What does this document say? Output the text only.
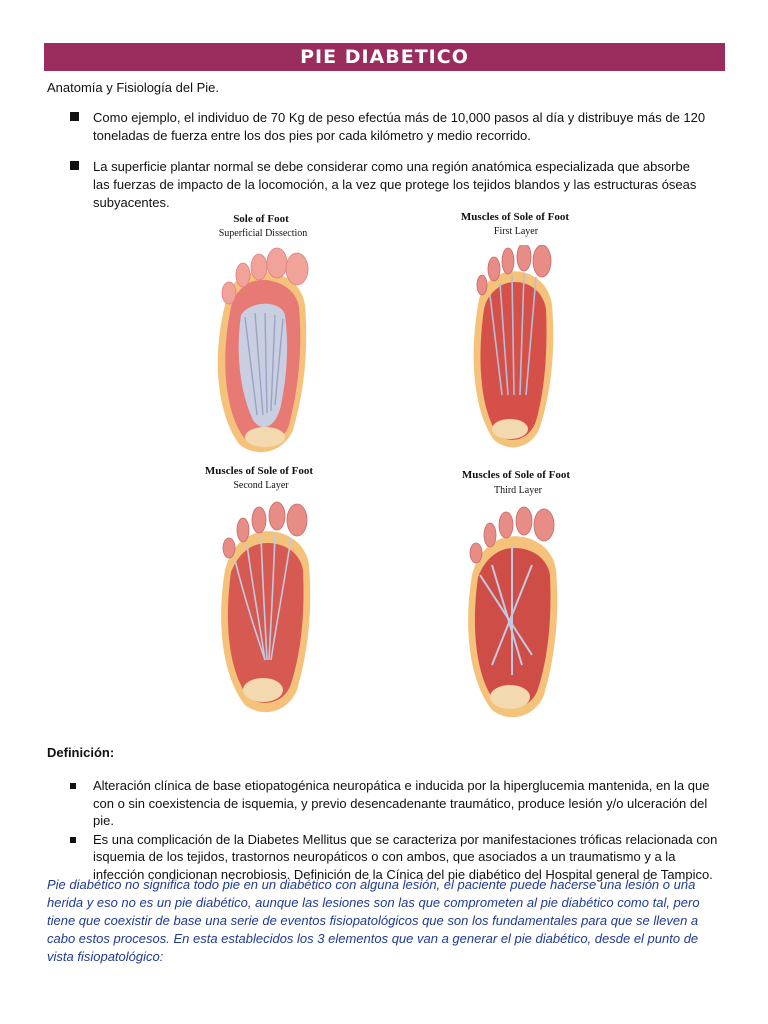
PIE DIABETICO
Anatomía y Fisiología del Pie.
Como ejemplo, el individuo de 70 Kg de peso efectúa más de 10,000 pasos al día y distribuye más de 120 toneladas de fuerza entre los dos pies por cada kilómetro y medio recorrido.
La superficie plantar normal se debe considerar como una región anatómica especializada que absorbe las fuerzas de impacto de la locomoción, a la vez que protege los tejidos blandos y las estructuras óseas subyacentes.
Sole of Foot
Superficial Dissection
Muscles of Sole of Foot
First Layer
Muscles of Sole of Foot
Second Layer
Muscles of Sole of Foot
Third Layer
Definición:
Alteración clínica de base etiopatogénica neuropática e inducida por la hiperglucemia mantenida, en la que con o sin coexistencia de isquemia, y previo desencadenante traumático, produce lesión y/o ulceración del pie.
Es una complicación de la Diabetes Mellitus que se caracteriza por manifestaciones tróficas relacionada con isquemia de los tejidos, trastornos neuropáticos o con ambos, que asociados a un traumatismo y a la infección condicionan necrobiosis. Definición de la Cínica del pie diabético del Hospital general de Tampico.
Pie diabético no significa todo pie en un diabético con alguna lesión, el paciente puede hacerse una lesión o una herida y eso no es un pie diabético, aunque las lesiones son las que comprometen al pie diabético como tal, pero tiene que coexistir de base una serie de eventos fisiopatológicos que son los fundamentales para que se lleven a cabo estos procesos. En esta establecidos los 3 elementos que van a generar el pie diabético, desde el punto de vista fisiopatológico:
